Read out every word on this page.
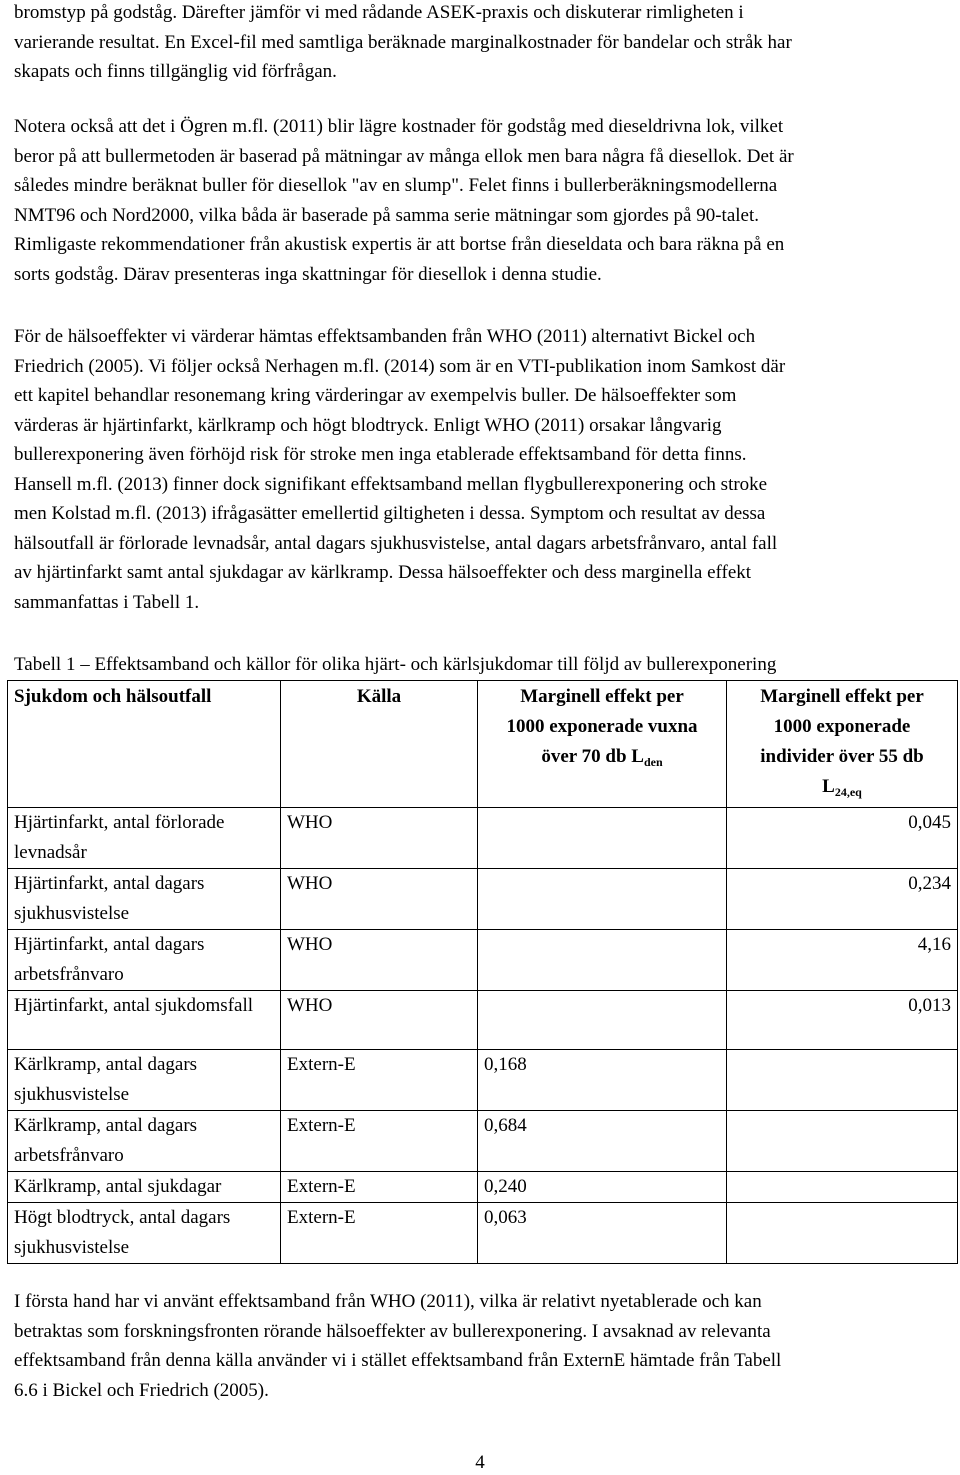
bromstyp på godståg. Därefter jämför vi med rådande ASEK-praxis och diskuterar rimligheten i
varierande resultat. En Excel-fil med samtliga beräknade marginalkostnader för bandelar och stråk har
skapats och finns tillgänglig vid förfrågan.

Notera också att det i Ögren m.fl. (2011) blir lägre kostnader för godståg med dieseldrivna lok, vilket
beror på att bullermetoden är baserad på mätningar av många ellok men bara några få diesellok. Det är
således mindre beräknat buller för diesellok "av en slump". Felet finns i bullerberäkningsmodellerna
NMT96 och Nord2000, vilka båda är baserade på samma serie mätningar som gjordes på 90-talet.
Rimligaste rekommendationer från akustisk expertis är att bortse från dieseldata och bara räkna på en
sorts godståg. Därav presenteras inga skattningar för diesellok i denna studie.

För de hälsoeffekter vi värderar hämtas effektsambanden från WHO (2011) alternativt Bickel och
Friedrich (2005). Vi följer också Nerhagen m.fl. (2014) som är en VTI-publikation inom Samkost där
ett kapitel behandlar resonemang kring värderingar av exempelvis buller. De hälsoeffekter som
värderas är hjärtinfarkt, kärlkramp och högt blodtryck. Enligt WHO (2011) orsakar långvarig
bullerexponering även förhöjd risk för stroke men inga etablerade effektsamband för detta finns.
Hansell m.fl. (2013) finner dock signifikant effektsamband mellan flygbullerexponering och stroke
men Kolstad m.fl. (2013) ifrågasätter emellertid giltigheten i dessa. Symptom och resultat av dessa
hälsoutfall är förlorade levnadsår, antal dagars sjukhusvistelse, antal dagars arbetsfrånvaro, antal fall
av hjärtinfarkt samt antal sjukdagar av kärlkramp. Dessa hälsoeffekter och dess marginella effekt
sammanfattas i Tabell 1.

Tabell 1 – Effektsamband och källor för olika hjärt- och kärlsjukdomar till följd av bullerexponering
Sjukdom och hälsoutfall	Källa	Marginell effekt per
1000 exponerade vuxna
över 70 db $L_{den}$	Marginell effekt per
1000 exponerade
individer över 55 db
$L_{24,eq}$
Hjärtinfarkt, antal förlorade levnadsår	WHO		0,045
Hjärtinfarkt, antal dagars sjukhusvistelse	WHO		0,234
Hjärtinfarkt, antal dagars arbetsfrånvaro	WHO		4,16
Hjärtinfarkt, antal sjukdomsfall	WHO		0,013
Kärlkramp, antal dagars sjukhusvistelse	Extern-E	0,168	
Kärlkramp, antal dagars arbetsfrånvaro	Extern-E	0,684	
Kärlkramp, antal sjukdagar	Extern-E	0,240	
Högt blodtryck, antal dagars sjukhusvistelse	Extern-E	0,063	

I första hand har vi använt effektsamband från WHO (2011), vilka är relativt nyetablerade och kan
betraktas som forskningsfronten rörande hälsoeffekter av bullerexponering. I avsaknad av relevanta
effektsamband från denna källa använder vi i stället effektsamband från ExternE hämtade från Tabell
6.6 i Bickel och Friedrich (2005).

4
